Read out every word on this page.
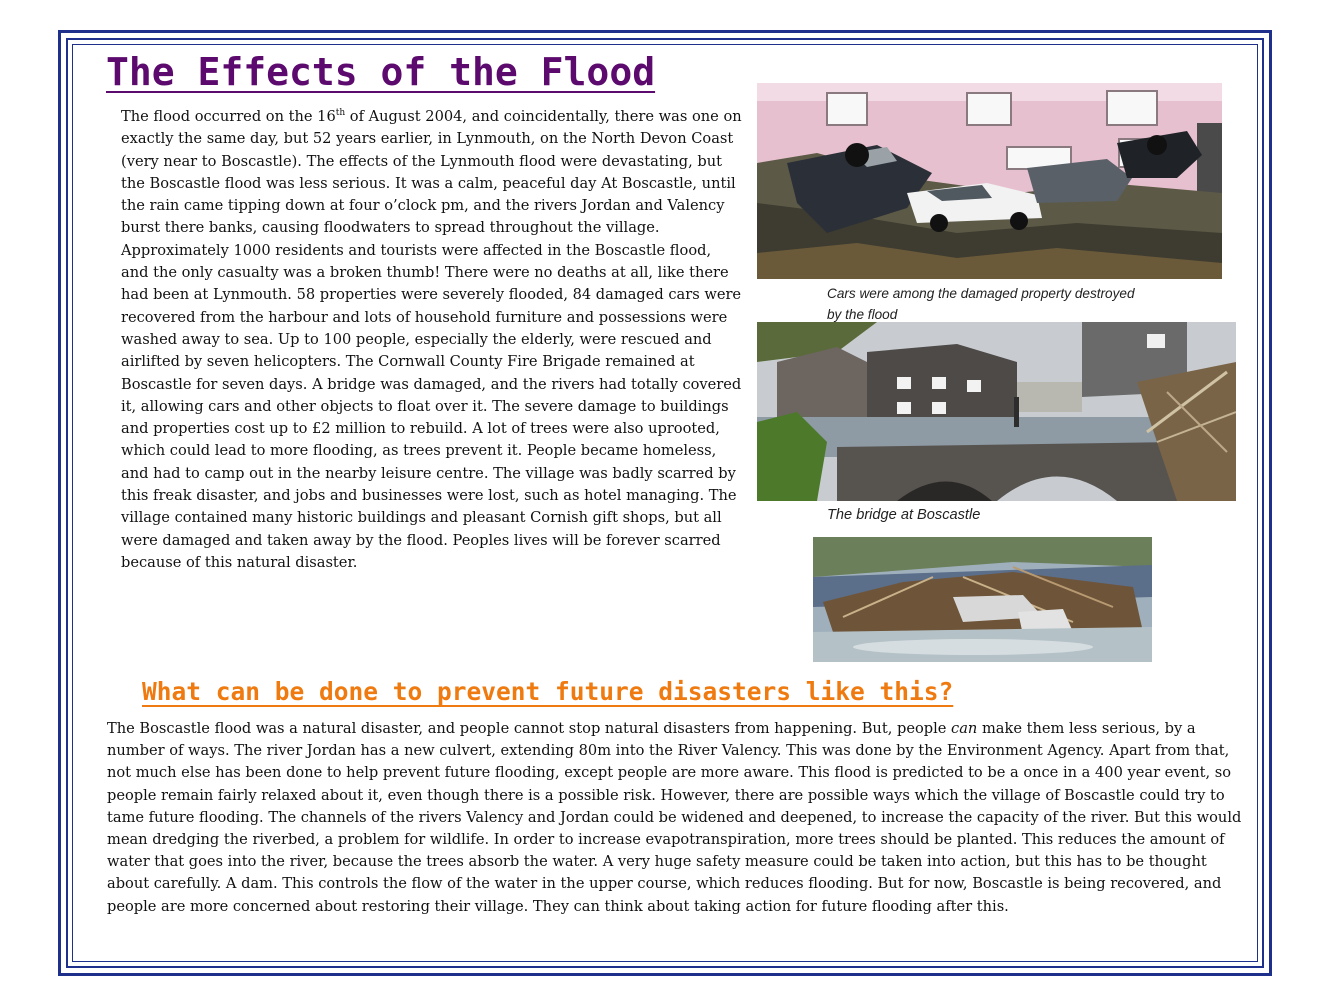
The Effects of the Flood

The flood occurred on the 16th of August 2004, and coincidentally, there was one on exactly the same day, but 52 years earlier, in Lynmouth, on the North Devon Coast (very near to Boscastle). The effects of the Lynmouth flood were devastating, but the Boscastle flood was less serious. It was a calm, peaceful day At Boscastle, until the rain came tipping down at four o’clock pm, and the rivers Jordan and Valency burst there banks, causing floodwaters to spread throughout the village. Approximately 1000 residents and tourists were affected in the Boscastle flood, and the only casualty was a broken thumb! There were no deaths at all, like there had been at Lynmouth. 58 properties were severely flooded, 84 damaged cars were recovered from the harbour and lots of household furniture and possessions were washed away to sea. Up to 100 people, especially the elderly, were rescued and airlifted by seven helicopters. The Cornwall County Fire Brigade remained at Boscastle for seven days. A bridge was damaged, and the rivers had totally covered it, allowing cars and other objects to float over it. The severe damage to buildings and properties cost up to £2 million to rebuild. A lot of trees were also uprooted, which could lead to more flooding, as trees prevent it. People became homeless, and had to camp out in the nearby leisure centre. The village was badly scarred by this freak disaster, and jobs and businesses were lost, such as hotel managing. The village contained many historic buildings and pleasant Cornish gift shops, but all were damaged and taken away by the flood. Peoples lives will be forever scarred because of this natural disaster.

Cars were among the damaged property destroyed by the flood
The bridge at Boscastle
What can be done to prevent future disasters like this?

The Boscastle flood was a natural disaster, and people cannot stop natural disasters from happening. But, people can make them less serious, by a number of ways. The river Jordan has a new culvert, extending 80m into the River Valency. This was done by the Environment Agency. Apart from that, not much else has been done to help prevent future flooding, except people are more aware. This flood is predicted to be a once in a 400 year event, so people remain fairly relaxed about it, even though there is a possible risk. However, there are possible ways which the village of Boscastle could try to tame future flooding. The channels of the rivers Valency and Jordan could be widened and deepened, to increase the capacity of the river. But this would mean dredging the riverbed, a problem for wildlife. In order to increase evapotranspiration, more trees should be planted. This reduces the amount of water that goes into the river, because the trees absorb the water. A very huge safety measure could be taken into action, but this has to be thought about carefully. A dam. This controls the flow of the water in the upper course, which reduces flooding. But for now, Boscastle is being recovered, and people are more concerned about restoring their village. They can think about taking action for future flooding after this.
